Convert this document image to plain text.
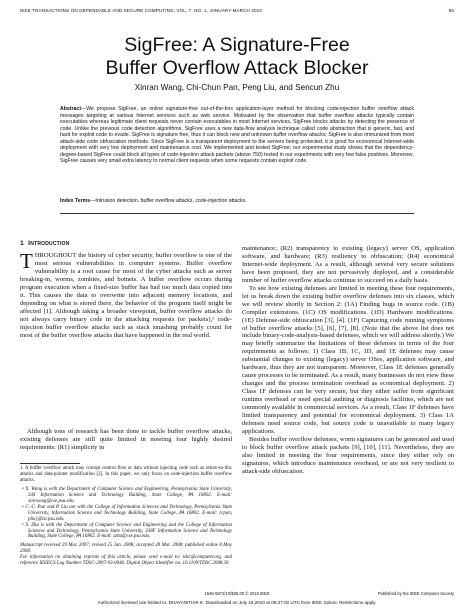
IEEE TRANSACTIONS ON DEPENDABLE AND SECURE COMPUTING, VOL. 7, NO. 1, JANUARY-MARCH 2010	65
SigFree: A Signature-Free
Buffer Overflow Attack Blocker
Xinran Wang, Chi-Chun Pan, Peng Liu, and Sencun Zhu
Abstract—We propose SigFree, an online signature-free out-of-the-box application-layer method for blocking code-injection buffer overflow attack messages targeting at various Internet services such as web service. Motivated by the observation that buffer overflow attacks typically contain executables whereas legitimate client requests never contain executables in most Internet services, SigFree blocks attacks by detecting the presence of code. Unlike the previous code detection algorithms, SigFree uses a new data-flow analysis technique called code abstraction that is generic, fast, and hard for exploit code to evade. SigFree is signature free, thus it can block new and unknown buffer overflow attacks; SigFree is also immunized from most attack-side code obfuscation methods. Since SigFree is a transparent deployment to the servers being protected, it is good for economical Internet-wide deployment with very low deployment and maintenance cost. We implemented and tested SigFree; our experimental study shows that the dependency-degree-based SigFree could block all types of code-injection attack packets (above 750) tested in our experiments with very few false positives. Moreover, SigFree causes very small extra latency to normal client requests when some requests contain exploit code.
Index Terms—Intrusion detection, buffer overflow attacks, code-injection attacks.
1 Introduction
THROUGHOUT the history of cyber security, buffer overflow is one of the most serious vulnerabilities in computer systems. Buffer overflow vulnerability is a root cause for most of the cyber attacks such as server breaking-in, worms, zombies, and botnets. A buffer overflow occurs during program execution when a fixed-size buffer has had too much data copied into it. This causes the data to overwrite into adjacent memory locations, and depending on what is stored there, the behavior of the program itself might be affected [1]. Although taking a broader viewpoint, buffer overflow attacks do not always carry binary code in the attacking requests (or packets),¹ code-injection buffer overflow attacks such as stack smashing probably count for most of the buffer overflow attacks that have happened in the real world.
Although tons of research has been done to tackle buffer overflow attacks, existing defenses are still quite limited in meeting four highly desired requirements: (R1) simplicity in
1. A buffer overflow attack may corrupt control flow or data without injecting code such as return-to-libc attacks and data-pointer modification [2]. In this paper, we only focus on code-injection buffer overflow attacks.
• X. Wang is with the Department of Computer Science and Engineering, Pennsylvania State University, 344 Information Science and Technology Building, State College, PA 16802. E-mail: xinrwang@cse.psu.edu.
• C.-C. Pan and P. Liu are with the College of Information Sciences and Technology, Pennsylvania State University, Information Science and Technology Building, State College, PA 16802. E-mail: {cpan, pliu}@ist.psu.edu.
• S. Zhu is with the Department of Computer Science and Engineering and the College of Information Sciences and Technology, Pennsylvania State University, 338F Information Science and Technology Building, State College, PA 16802. E-mail: szhu@cse.psu.edu.
Manuscript received 29 Mar. 2007; revised 25 Jan. 2008; accepted 28 Mar. 2008; published online 8 May 2008.
For information on obtaining reprints of this article, please send e-mail to: tdsc@computer.org, and reference IEEECS Log Number TDSC-2007-03-0046. Digital Object Identifier no. 10.1109/TDSC.2008.30.

maintenance; (R2) transparency to existing (legacy) server OS, application software, and hardware; (R3) resiliency to obfuscation; (R4) economical Internet-wide deployment. As a result, although several very secure solutions have been proposed, they are not pervasively deployed, and a considerable number of buffer overflow attacks continue to succeed on a daily basis.

To see how existing defenses are limited in meeting these four requirements, let us break down the existing buffer overflow defenses into six classes, which we will review shortly in Section 2: (1A) Finding bugs in source code. (1B) Compiler extensions. (1C) OS modifications. (1D) Hardware modifications. (1E) Defense-side obfuscation [3], [4]. (1F) Capturing code running symptoms of buffer overflow attacks [5], [6], [7], [8]. (Note that the above list does not include binary-code-analysis-based defenses, which we will address shortly.) We may briefly summarize the limitations of these defenses in terms of the four requirements as follows: 1) Class 1B, 1C, 1D, and 1E defenses may cause substantial changes to existing (legacy) server OSes, application software, and hardware, thus they are not transparent. Moreover, Class 1E defenses generally cause processes to be terminated. As a result, many businesses do not view these changes and the process termination overhead as economical deployment. 2) Class 1F defenses can be very secure, but they either suffer from significant runtime overhead or need special auditing or diagnosis facilities, which are not commonly available in commercial services. As a result, Class 1F defenses have limited transparency and potential for economical deployment. 3) Class 1A defenses need source code, but source code is unavailable to many legacy applications.

Besides buffer overflow defenses, worm signatures can be generated and used to block buffer overflow attack packets [9], [10], [11]. Nevertheless, they are also limited in meeting the four requirements, since they either rely on signatures, which introduce maintenance overhead, or are not very resilient to attack-side obfuscation.

1545-5971/10/$26.00 © 2010 IEEE	Published by the IEEE Computer Society
Authorized licensed use limited to: DHAYANITHIK K. Downloaded on July 19,2010 at 08:47:02 UTC from IEEE Xplore. Restrictions apply.
